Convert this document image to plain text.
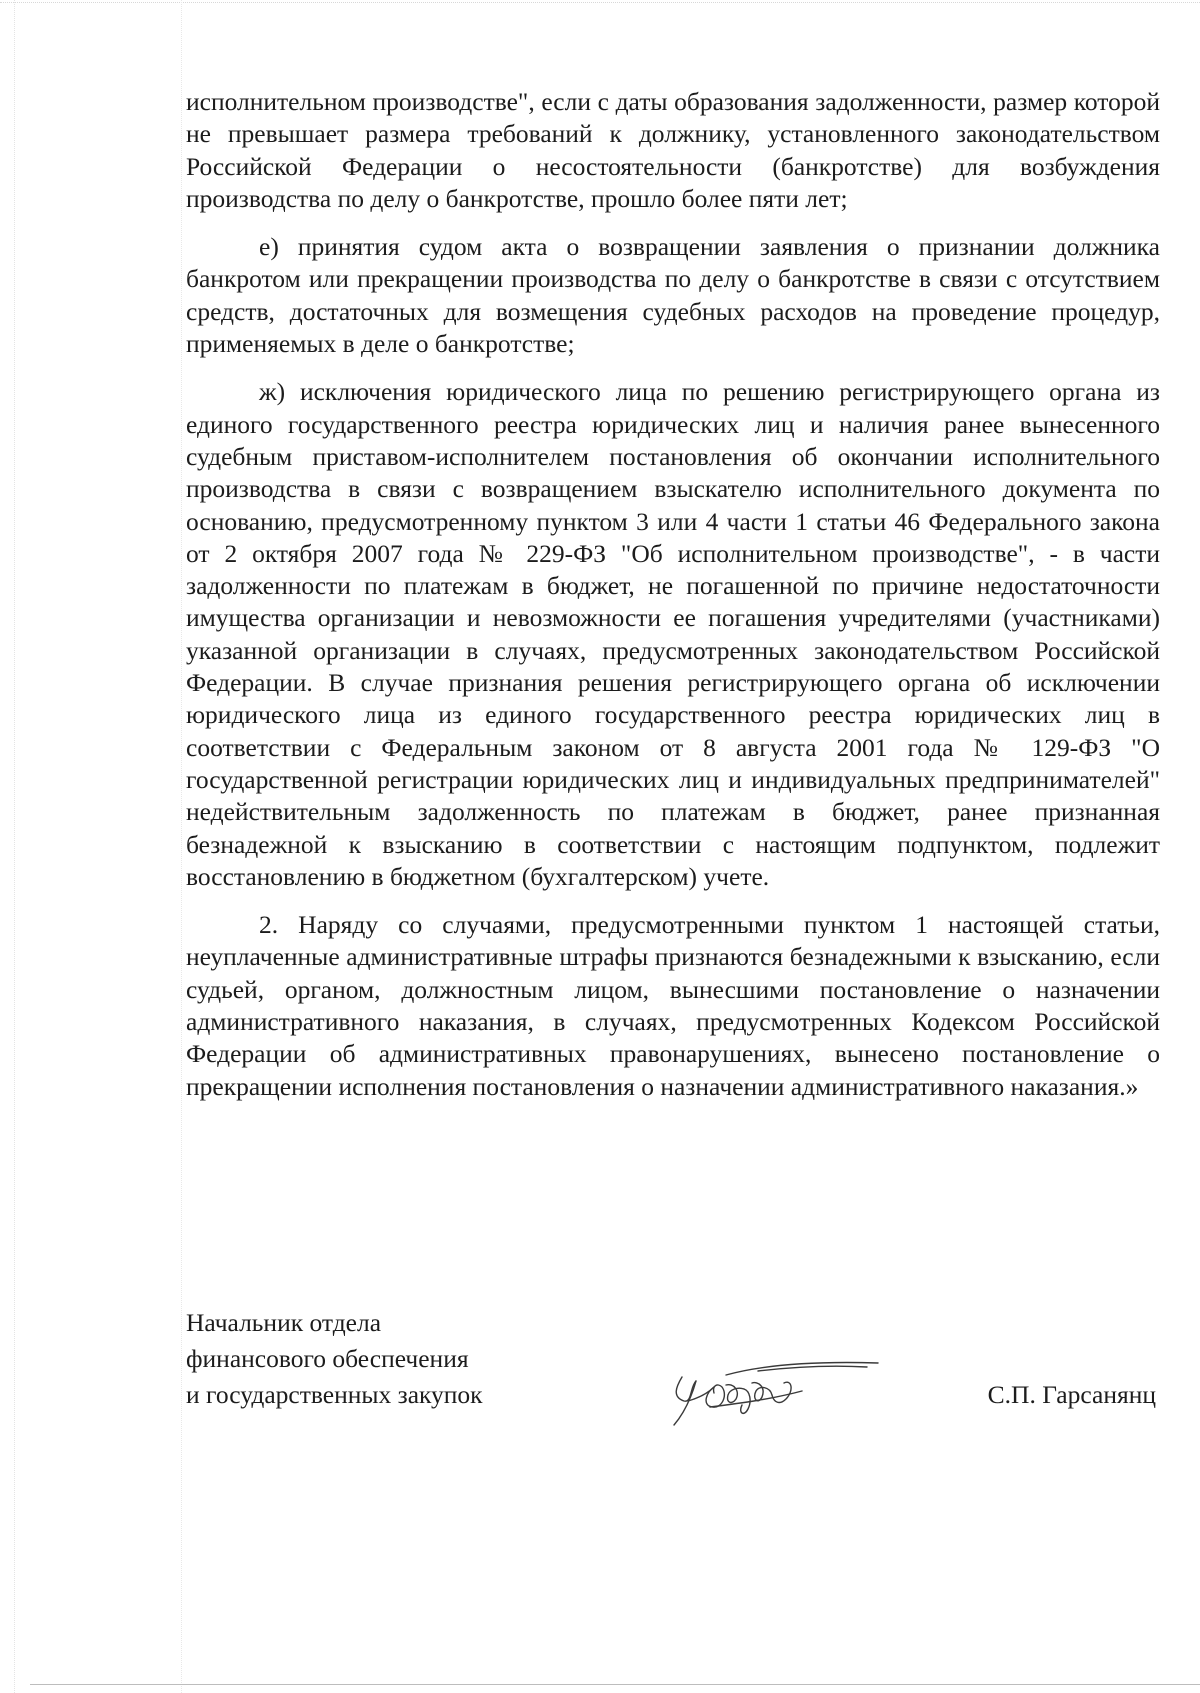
исполнительном производстве", если с даты образования задолженности, размер которой не превышает размера требований к должнику, установленного законодательством Российской Федерации о несостоятельности (банкротстве) для возбуждения производства по делу о банкротстве, прошло более пяти лет;

е) принятия судом акта о возвращении заявления о признании должника банкротом или прекращении производства по делу о банкротстве в связи с отсутствием средств, достаточных для возмещения судебных расходов на проведение процедур, применяемых в деле о банкротстве;

ж) исключения юридического лица по решению регистрирующего органа из единого государственного реестра юридических лиц и наличия ранее вынесенного судебным приставом-исполнителем постановления об окончании исполнительного производства в связи с возвращением взыскателю исполнительного документа по основанию, предусмотренному пунктом 3 или 4 части 1 статьи 46 Федерального закона от 2 октября 2007 года № 229-ФЗ "Об исполнительном производстве", - в части задолженности по платежам в бюджет, не погашенной по причине недостаточности имущества организации и невозможности ее погашения учредителями (участниками) указанной организации в случаях, предусмотренных законодательством Российской Федерации. В случае признания решения регистрирующего органа об исключении юридического лица из единого государственного реестра юридических лиц в соответствии с Федеральным законом от 8 августа 2001 года № 129-ФЗ "О государственной регистрации юридических лиц и индивидуальных предпринимателей" недействительным задолженность по платежам в бюджет, ранее признанная безнадежной к взысканию в соответствии с настоящим подпунктом, подлежит восстановлению в бюджетном (бухгалтерском) учете.

2. Наряду со случаями, предусмотренными пунктом 1 настоящей статьи, неуплаченные административные штрафы признаются безнадежными к взысканию, если судьей, органом, должностным лицом, вынесшими постановление о назначении административного наказания, в случаях, предусмотренных Кодексом Российской Федерации об административных правонарушениях, вынесено постановление о прекращении исполнения постановления о назначении административного наказания.»

Начальник отдела
финансового обеспечения
и государственных закупок	С.П. Гарсанянц
